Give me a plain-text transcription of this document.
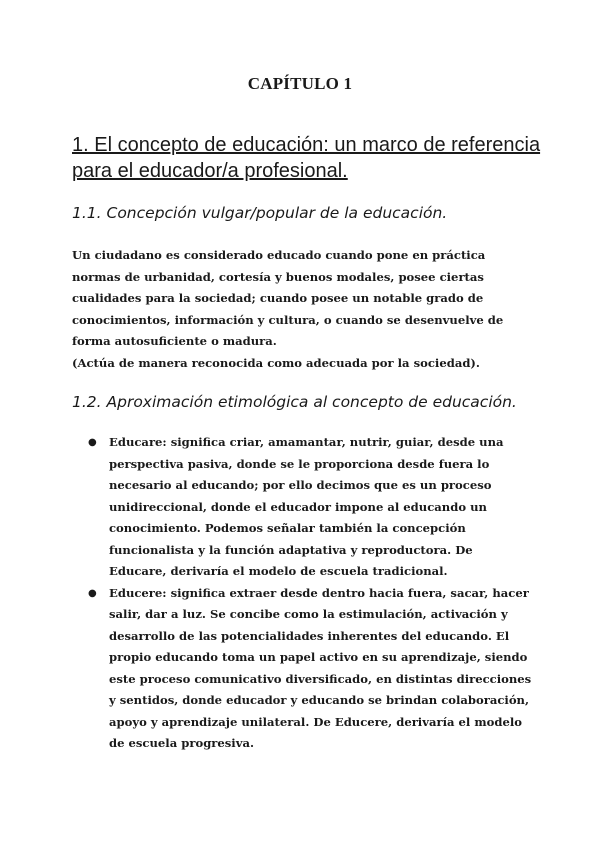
CAPÍTULO 1
1. El concepto de educación: un marco de referencia para el educador/a profesional.
1.1. Concepción vulgar/popular de la educación.
Un ciudadano es considerado educado cuando pone en práctica normas de urbanidad, cortesía y buenos modales, posee ciertas cualidades para la sociedad; cuando posee un notable grado de conocimientos, información y cultura, o cuando se desenvuelve de forma autosuficiente o madura.
(Actúa de manera reconocida como adecuada por la sociedad).
1.2. Aproximación etimológica al concepto de educación.
● Educare: significa criar, amamantar, nutrir, guiar, desde una perspectiva pasiva, donde se le proporciona desde fuera lo necesario al educando; por ello decimos que es un proceso unidireccional, donde el educador impone al educando un conocimiento. Podemos señalar también la concepción funcionalista y la función adaptativa y reproductora. De Educare, derivaría el modelo de escuela tradicional.
● Educere: significa extraer desde dentro hacia fuera, sacar, hacer salir, dar a luz. Se concibe como la estimulación, activación y desarrollo de las potencialidades inherentes del educando. El propio educando toma un papel activo en su aprendizaje, siendo este proceso comunicativo diversificado, en distintas direcciones y sentidos, donde educador y educando se brindan colaboración, apoyo y aprendizaje unilateral. De Educere, derivaría el modelo de escuela progresiva.
